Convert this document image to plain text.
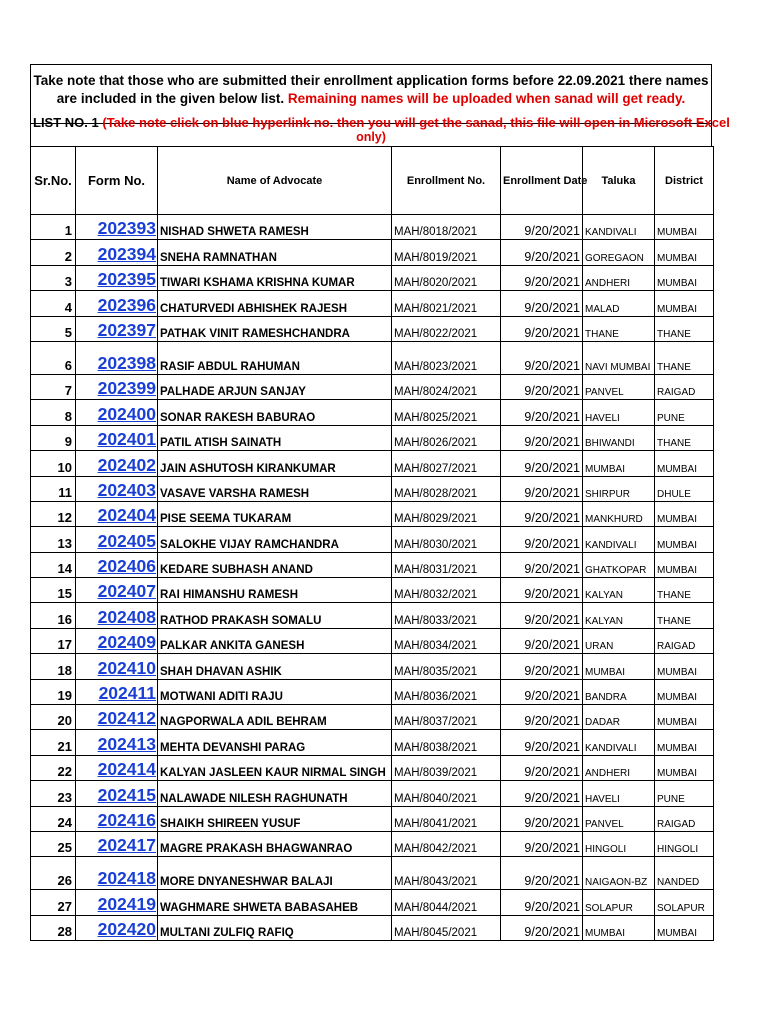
Take note that those who are submitted their enrollment application forms before 22.09.2021 there names are included in the given below list. Remaining names will be uploaded when sanad will get ready.
LIST NO. 1 (Take note click on blue hyperlink no. then you will get the sanad, this file will open in Microsoft Excel
only)
Sr.No.	Form No.	Name of Advocate	Enrollment No.	Enrollment Date	Taluka	District
1	202393	NISHAD SHWETA RAMESH	MAH/8018/2021	9/20/2021	KANDIVALI	MUMBAI
2	202394	SNEHA RAMNATHAN	MAH/8019/2021	9/20/2021	GOREGAON	MUMBAI
3	202395	TIWARI KSHAMA KRISHNA KUMAR	MAH/8020/2021	9/20/2021	ANDHERI	MUMBAI
4	202396	CHATURVEDI ABHISHEK RAJESH	MAH/8021/2021	9/20/2021	MALAD	MUMBAI
5	202397	PATHAK VINIT RAMESHCHANDRA	MAH/8022/2021	9/20/2021	THANE	THANE
6	202398	RASIF ABDUL RAHUMAN	MAH/8023/2021	9/20/2021	NAVI MUMBAI	THANE
7	202399	PALHADE ARJUN SANJAY	MAH/8024/2021	9/20/2021	PANVEL	RAIGAD
8	202400	SONAR RAKESH BABURAO	MAH/8025/2021	9/20/2021	HAVELI	PUNE
9	202401	PATIL ATISH SAINATH	MAH/8026/2021	9/20/2021	BHIWANDI	THANE
10	202402	JAIN ASHUTOSH KIRANKUMAR	MAH/8027/2021	9/20/2021	MUMBAI	MUMBAI
11	202403	VASAVE VARSHA RAMESH	MAH/8028/2021	9/20/2021	SHIRPUR	DHULE
12	202404	PISE SEEMA TUKARAM	MAH/8029/2021	9/20/2021	MANKHURD	MUMBAI
13	202405	SALOKHE VIJAY RAMCHANDRA	MAH/8030/2021	9/20/2021	KANDIVALI	MUMBAI
14	202406	KEDARE SUBHASH ANAND	MAH/8031/2021	9/20/2021	GHATKOPAR	MUMBAI
15	202407	RAI HIMANSHU RAMESH	MAH/8032/2021	9/20/2021	KALYAN	THANE
16	202408	RATHOD PRAKASH SOMALU	MAH/8033/2021	9/20/2021	KALYAN	THANE
17	202409	PALKAR ANKITA GANESH	MAH/8034/2021	9/20/2021	URAN	RAIGAD
18	202410	SHAH DHAVAN ASHIK	MAH/8035/2021	9/20/2021	MUMBAI	MUMBAI
19	202411	MOTWANI ADITI RAJU	MAH/8036/2021	9/20/2021	BANDRA	MUMBAI
20	202412	NAGPORWALA ADIL BEHRAM	MAH/8037/2021	9/20/2021	DADAR	MUMBAI
21	202413	MEHTA DEVANSHI PARAG	MAH/8038/2021	9/20/2021	KANDIVALI	MUMBAI
22	202414	KALYAN JASLEEN KAUR NIRMAL SINGH	MAH/8039/2021	9/20/2021	ANDHERI	MUMBAI
23	202415	NALAWADE NILESH RAGHUNATH	MAH/8040/2021	9/20/2021	HAVELI	PUNE
24	202416	SHAIKH SHIREEN YUSUF	MAH/8041/2021	9/20/2021	PANVEL	RAIGAD
25	202417	MAGRE PRAKASH BHAGWANRAO	MAH/8042/2021	9/20/2021	HINGOLI	HINGOLI
26	202418	MORE DNYANESHWAR BALAJI	MAH/8043/2021	9/20/2021	NAIGAON-BZ	NANDED
27	202419	WAGHMARE SHWETA BABASAHEB	MAH/8044/2021	9/20/2021	SOLAPUR	SOLAPUR
28	202420	MULTANI ZULFIQ RAFIQ	MAH/8045/2021	9/20/2021	MUMBAI	MUMBAI
